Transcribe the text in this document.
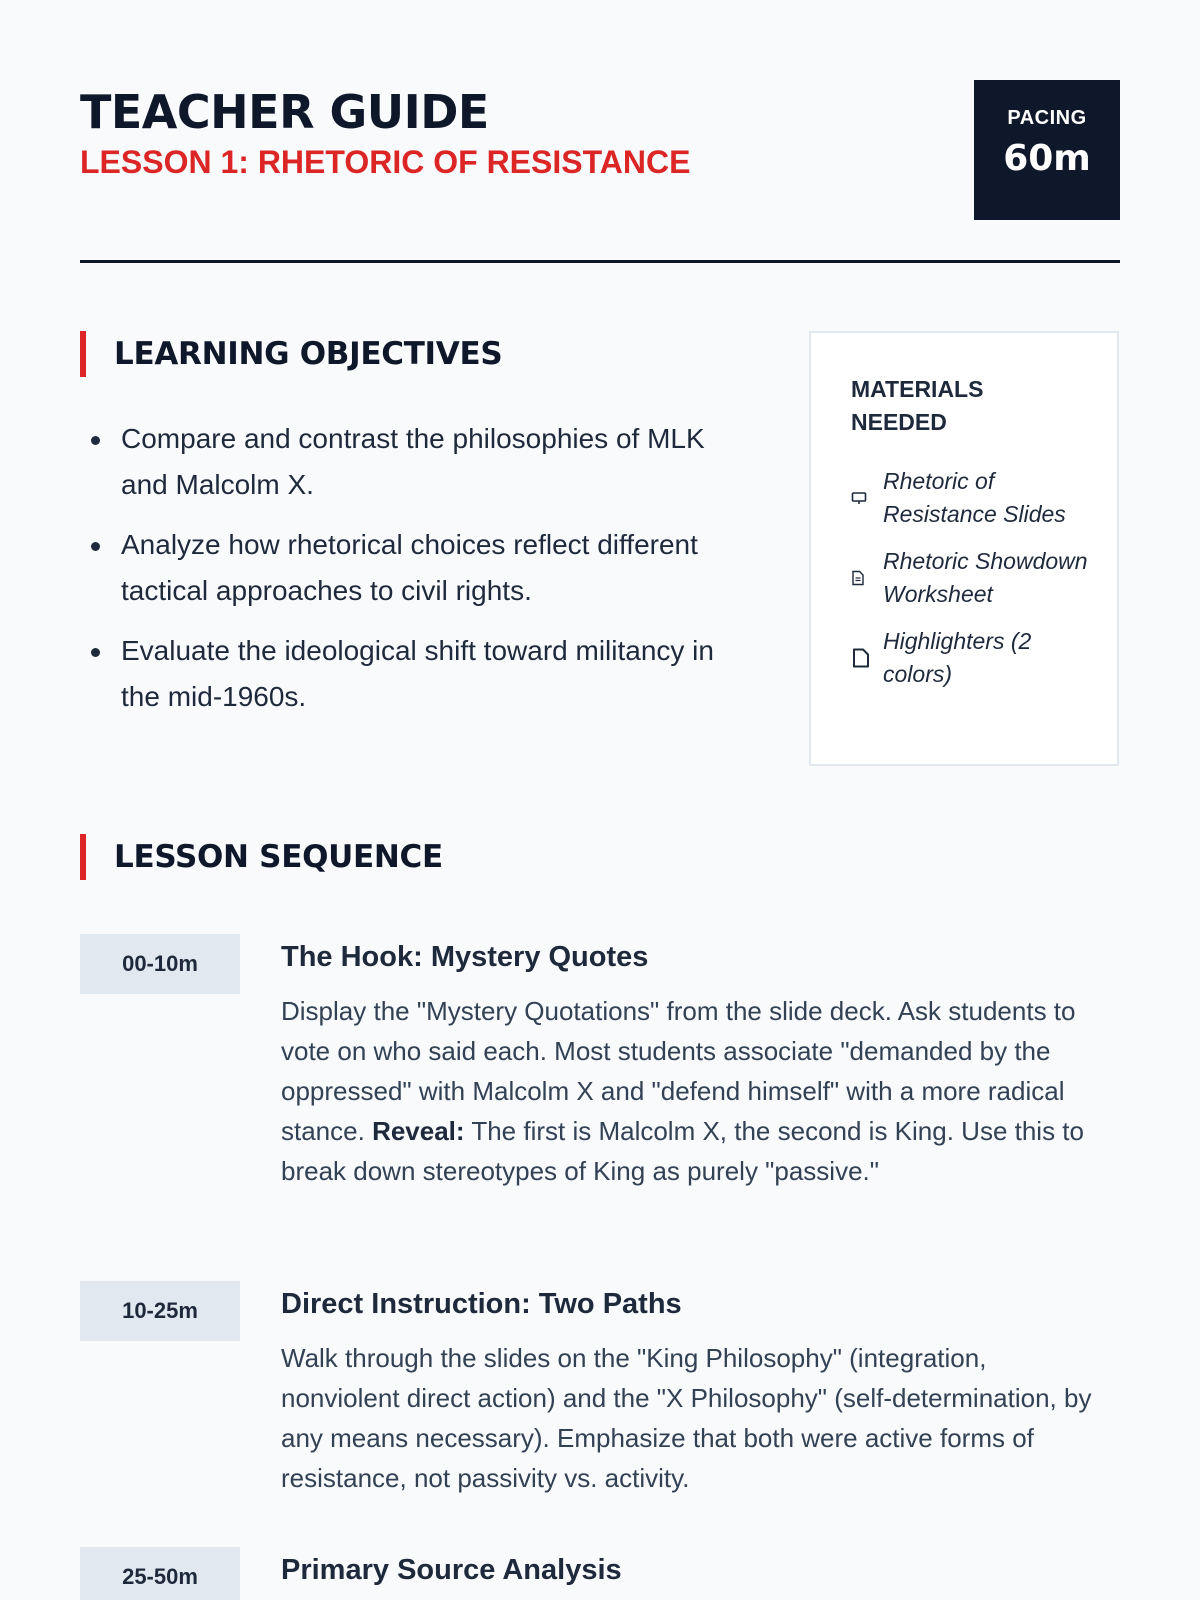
TEACHER GUIDE
LESSON 1: RHETORIC OF RESISTANCE
PACING
60m
LEARNING OBJECTIVES
Compare and contrast the philosophies of MLK and Malcolm X.
Analyze how rhetorical choices reflect different tactical approaches to civil rights.
Evaluate the ideological shift toward militancy in the mid-1960s.
MATERIALS NEEDED
Rhetoric of Resistance Slides
Rhetoric Showdown Worksheet
Highlighters (2 colors)
LESSON SEQUENCE
00-10m	The Hook: Mystery Quotes

Display the "Mystery Quotations" from the slide deck. Ask students to vote on who said each. Most students associate "demanded by the oppressed" with Malcolm X and "defend himself" with a more radical stance. Reveal: The first is Malcolm X, the second is King. Use this to break down stereotypes of King as purely "passive."

10-25m	Direct Instruction: Two Paths

Walk through the slides on the "King Philosophy" (integration, nonviolent direct action) and the "X Philosophy" (self-determination, by any means necessary). Emphasize that both were active forms of resistance, not passivity vs. activity.

25-50m	Primary Source Analysis
